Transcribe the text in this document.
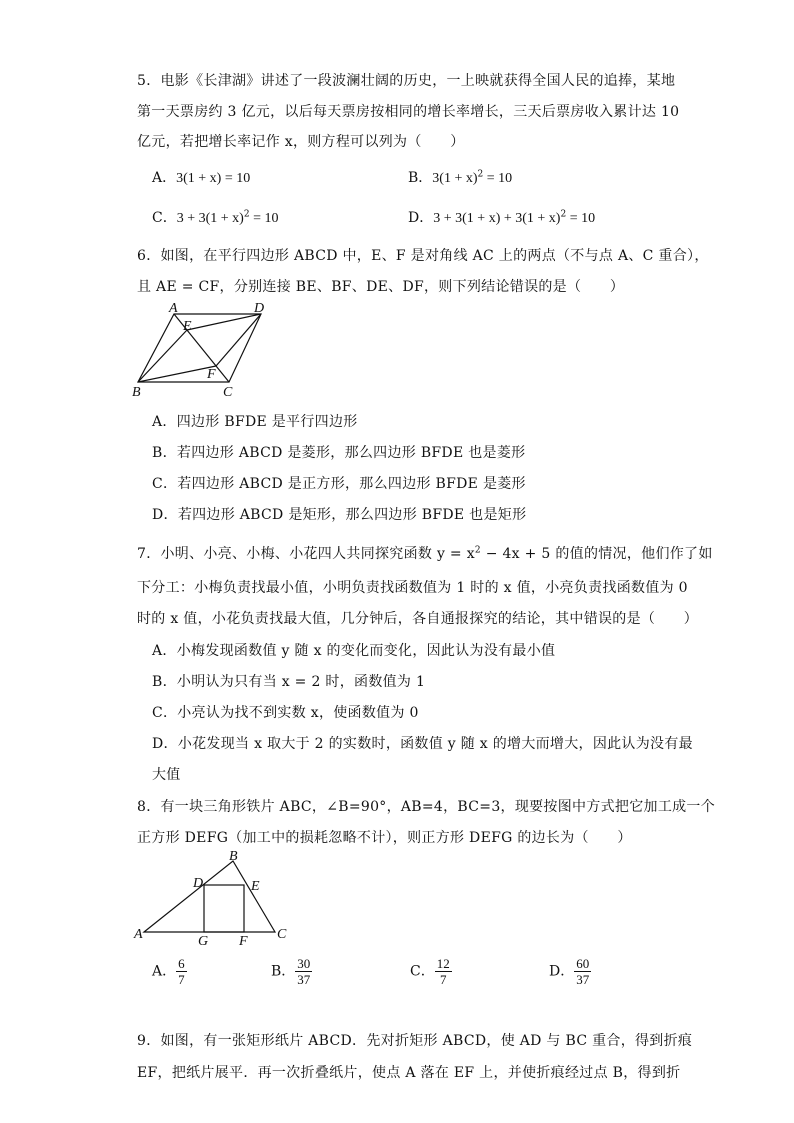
5．电影《长津湖》讲述了一段波澜壮阔的历史，一上映就获得全国人民的追捧，某地
第一天票房约 3 亿元，以后每天票房按相同的增长率增长，三天后票房收入累计达 10
亿元，若把增长率记作 x，则方程可以列为（　　）
A．3(1 + x) = 10	B．$3(1 + x)^2 = 10$
C．$3 + 3(1 + x)^2 = 10$	D．$3 + 3(1 + x) + 3(1 + x)^2 = 10$
6．如图，在平行四边形 ABCD 中，E、F 是对角线 AC 上的两点（不与点 A、C 重合），
且 AE = CF，分别连接 BE、BF、DE、DF，则下列结论错误的是（　　）
A	D
E
F
B	C
A．四边形 BFDE 是平行四边形
B．若四边形 ABCD 是菱形，那么四边形 BFDE 也是菱形
C．若四边形 ABCD 是正方形，那么四边形 BFDE 是菱形
D．若四边形 ABCD 是矩形，那么四边形 BFDE 也是矩形
7．小明、小亮、小梅、小花四人共同探究函数 $y = x^2 - 4x + 5$ 的值的情况，他们作了如
下分工：小梅负责找最小值，小明负责找函数值为 1 时的 x 值，小亮负责找函数值为 0
时的 x 值，小花负责找最大值，几分钟后，各自通报探究的结论，其中错误的是（　　）
A．小梅发现函数值 y 随 x 的变化而变化，因此认为没有最小值
B．小明认为只有当 x = 2 时，函数值为 1
C．小亮认为找不到实数 x，使函数值为 0
D．小花发现当 x 取大于 2 的实数时，函数值 y 随 x 的增大而增大，因此认为没有最
大值
8．有一块三角形铁片 ABC，∠B=90°，AB=4，BC=3，现要按图中方式把它加工成一个
正方形 DEFG（加工中的损耗忽略不计），则正方形 DEFG 的边长为（　　）
B
D	E
A	G F C
A． $\frac{6}{7}$	B． $\frac{30}{37}$	C． $\frac{12}{7}$	D． $\frac{60}{37}$
9．如图，有一张矩形纸片 ABCD．先对折矩形 ABCD，使 AD 与 BC 重合，得到折痕
EF，把纸片展平．再一次折叠纸片，使点 A 落在 EF 上，并使折痕经过点 B，得到折
